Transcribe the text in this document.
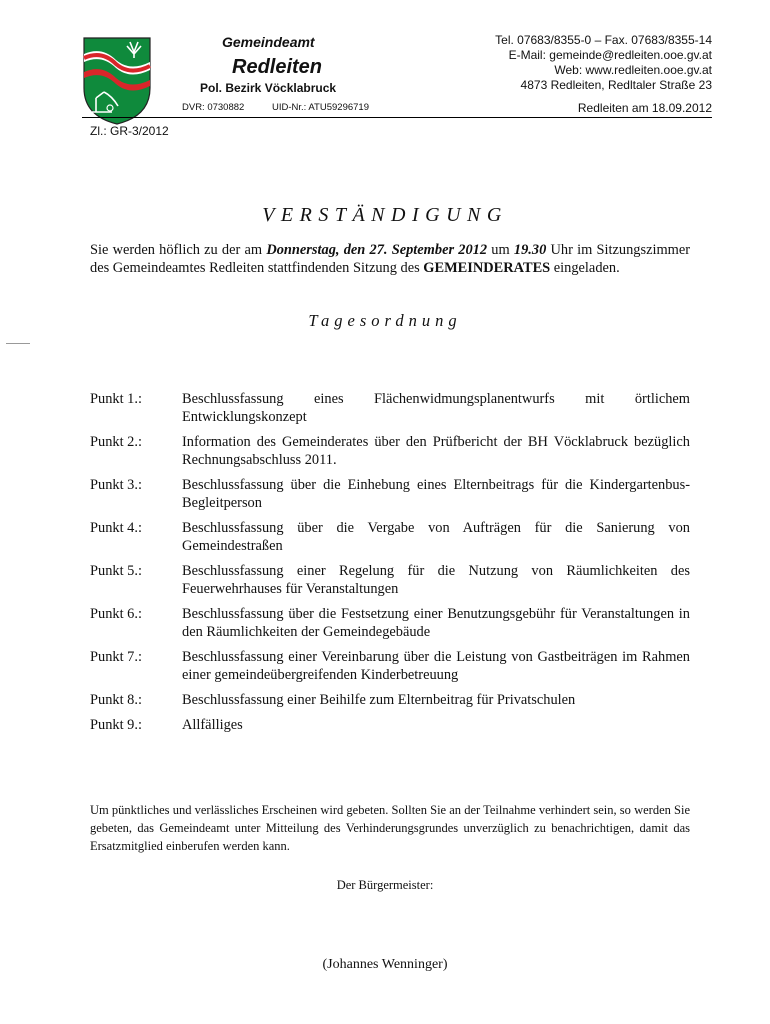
Gemeindeamt
Redleiten
Pol. Bezirk Vöcklabruck
DVR: 0730882	UID-Nr.: ATU59296719
Tel. 07683/8355-0 – Fax. 07683/8355-14
E-Mail: gemeinde@redleiten.ooe.gv.at
Web: www.redleiten.ooe.gv.at
4873 Redleiten, Redltaler Straße 23
Redleiten am 18.09.2012
Zl.: GR-3/2012
VERSTÄNDIGUNG
Sie werden höflich zu der am Donnerstag, den 27. September 2012 um 19.30 Uhr im Sitzungszimmer des Gemeindeamtes Redleiten stattfindenden Sitzung des GEMEINDERATES eingeladen.
Tagesordnung
Punkt 1.:	Beschlussfassung eines Flächenwidmungsplanentwurfs mit örtlichem Entwicklungskonzept
Punkt 2.:	Information des Gemeinderates über den Prüfbericht der BH Vöcklabruck bezüglich Rechnungsabschluss 2011.
Punkt 3.:	Beschlussfassung über die Einhebung eines Elternbeitrags für die Kindergartenbus-Begleitperson
Punkt 4.:	Beschlussfassung über die Vergabe von Aufträgen für die Sanierung von Gemeindestraßen
Punkt 5.:	Beschlussfassung einer Regelung für die Nutzung von Räumlichkeiten des Feuerwehrhauses für Veranstaltungen
Punkt 6.:	Beschlussfassung über die Festsetzung einer Benutzungsgebühr für Veranstaltungen in den Räumlichkeiten der Gemeindegebäude
Punkt 7.:	Beschlussfassung einer Vereinbarung über die Leistung von Gastbeiträgen im Rahmen einer gemeindeübergreifenden Kinderbetreuung
Punkt 8.:	Beschlussfassung einer Beihilfe zum Elternbeitrag für Privatschulen
Punkt 9.:	Allfälliges
Um pünktliches und verlässliches Erscheinen wird gebeten. Sollten Sie an der Teilnahme verhindert sein, so werden Sie gebeten, das Gemeindeamt unter Mitteilung des Verhinderungsgrundes unverzüglich zu benachrichtigen, damit das Ersatzmitglied einberufen werden kann.
Der Bürgermeister:
(Johannes Wenninger)
